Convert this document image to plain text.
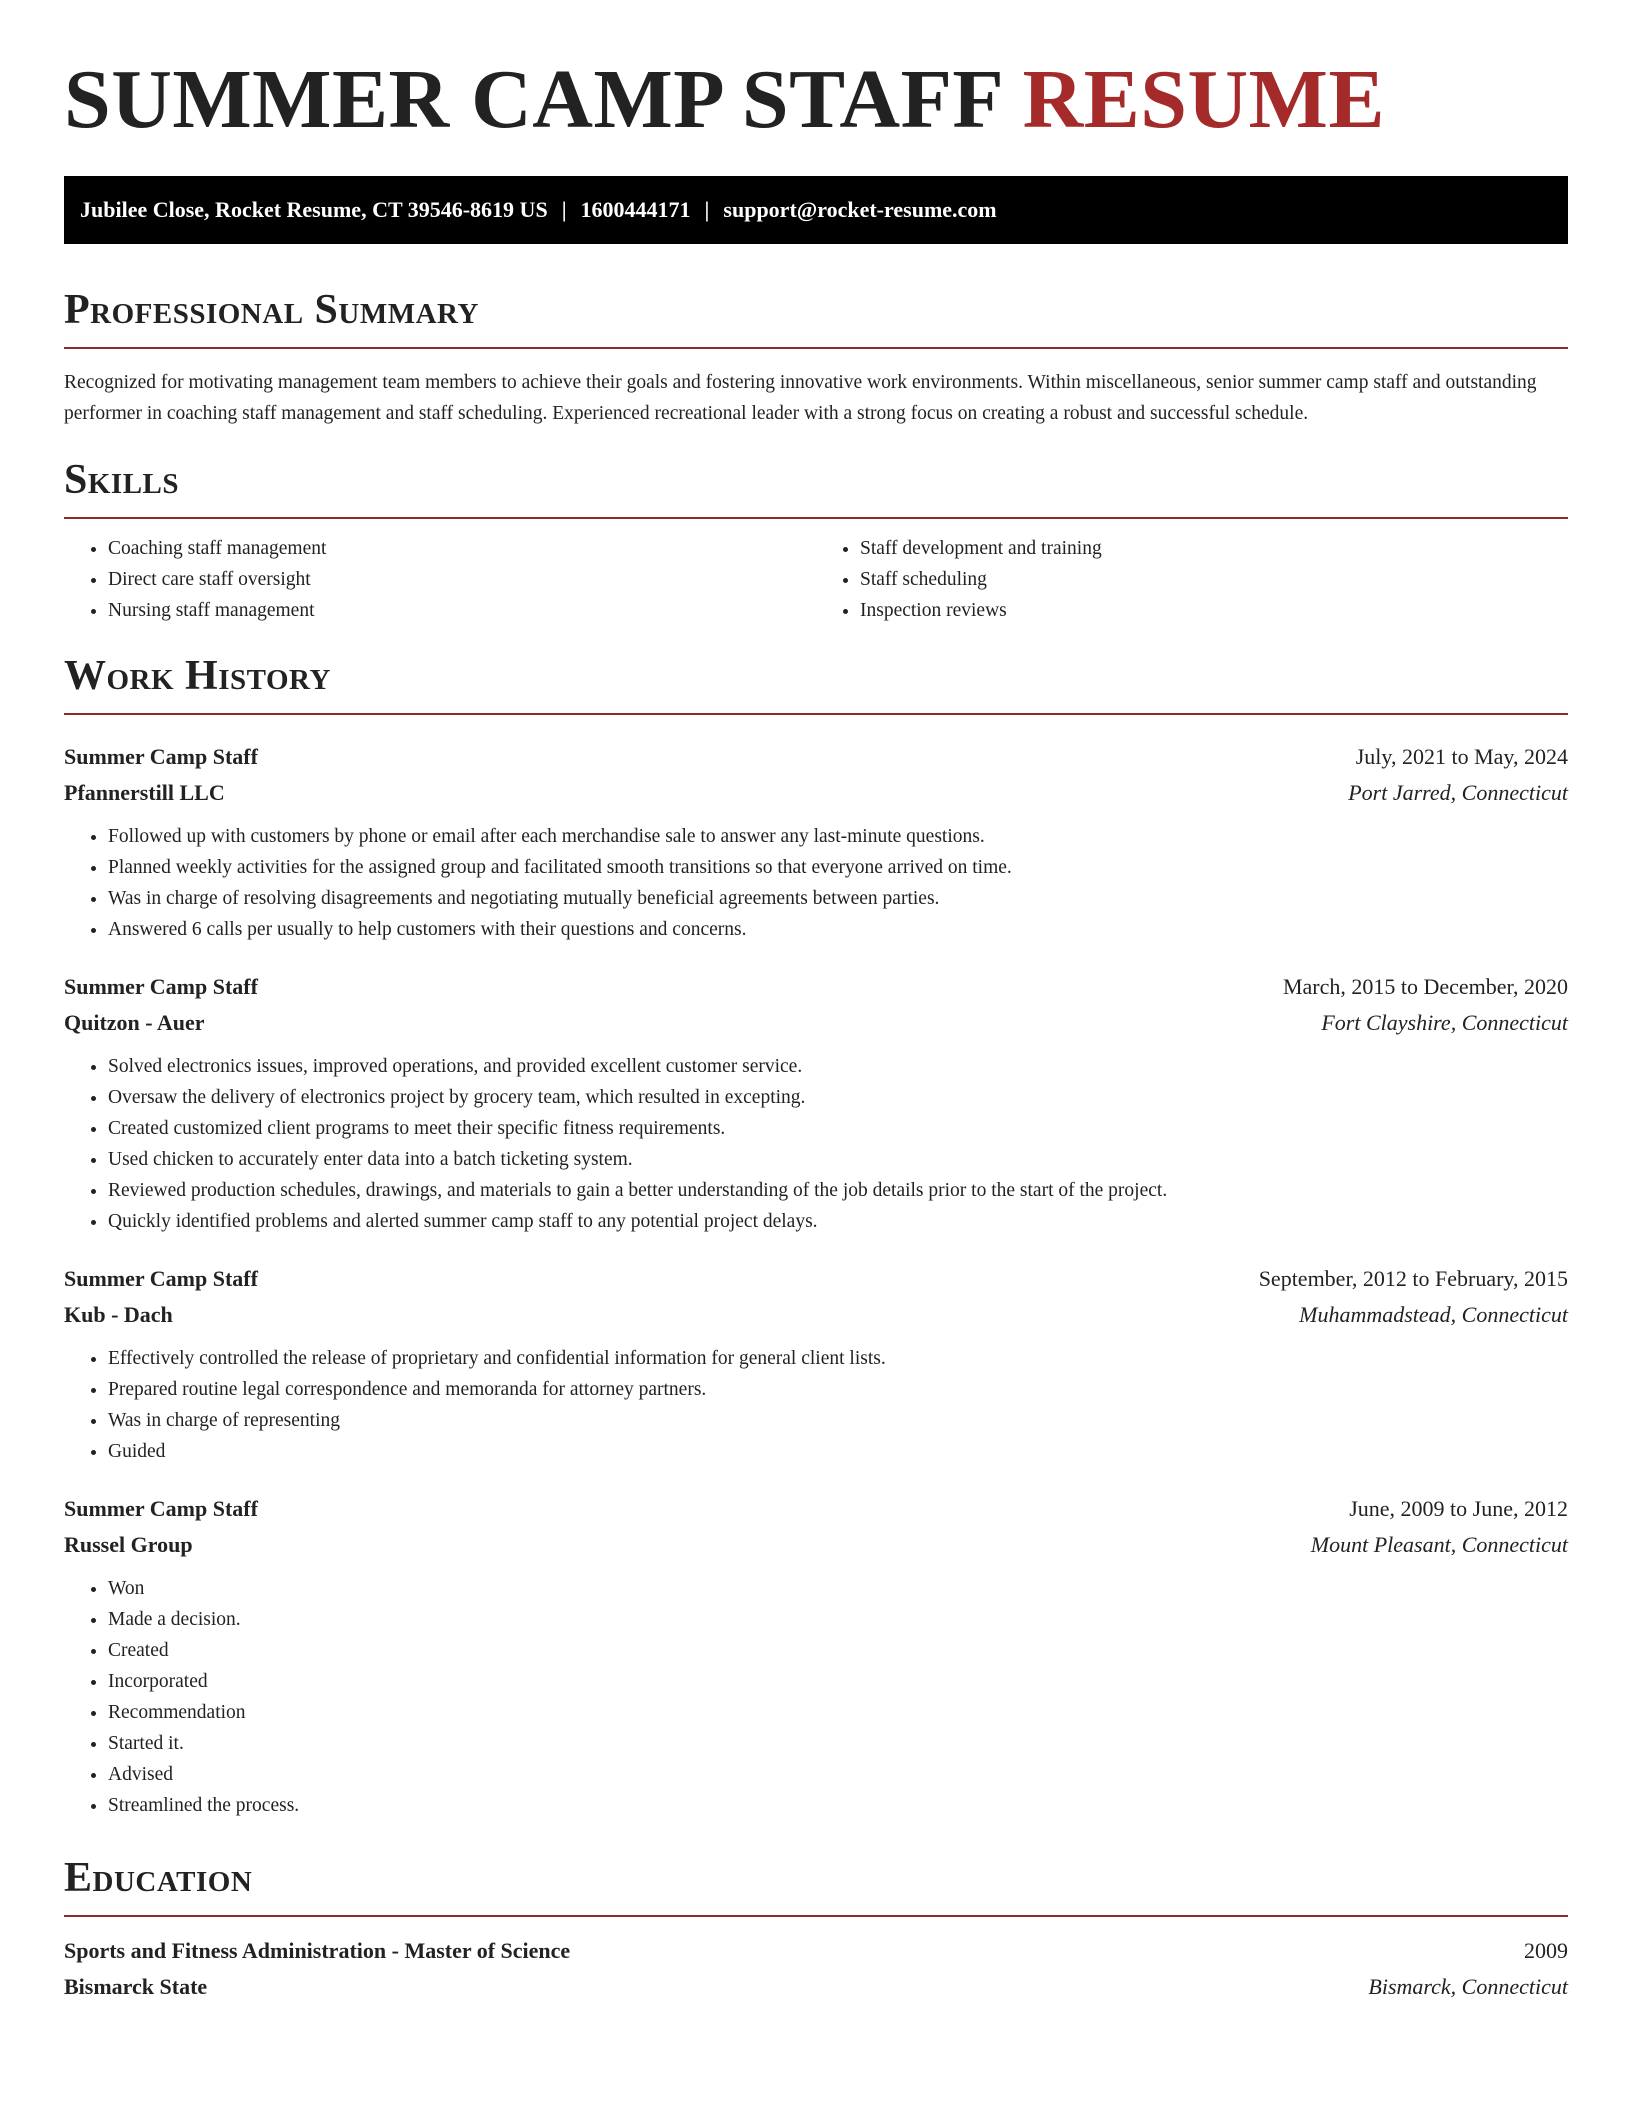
SUMMER CAMP STAFF RESUME
Jubilee Close, Rocket Resume, CT 39546-8619 US | 1600444171 | support@rocket-resume.com
Professional Summary
Recognized for motivating management team members to achieve their goals and fostering innovative work environments. Within miscellaneous, senior summer camp staff and outstanding performer in coaching staff management and staff scheduling. Experienced recreational leader with a strong focus on creating a robust and successful schedule.
Skills
• Coaching staff management
• Direct care staff oversight
• Nursing staff management
• Staff development and training
• Staff scheduling
• Inspection reviews
Work History
Summer Camp Staff	July, 2021 to May, 2024
Pfannerstill LLC	Port Jarred, Connecticut
• Followed up with customers by phone or email after each merchandise sale to answer any last-minute questions.
• Planned weekly activities for the assigned group and facilitated smooth transitions so that everyone arrived on time.
• Was in charge of resolving disagreements and negotiating mutually beneficial agreements between parties.
• Answered 6 calls per usually to help customers with their questions and concerns.
Summer Camp Staff	March, 2015 to December, 2020
Quitzon - Auer	Fort Clayshire, Connecticut
• Solved electronics issues, improved operations, and provided excellent customer service.
• Oversaw the delivery of electronics project by grocery team, which resulted in excepting.
• Created customized client programs to meet their specific fitness requirements.
• Used chicken to accurately enter data into a batch ticketing system.
• Reviewed production schedules, drawings, and materials to gain a better understanding of the job details prior to the start of the project.
• Quickly identified problems and alerted summer camp staff to any potential project delays.
Summer Camp Staff	September, 2012 to February, 2015
Kub - Dach	Muhammadstead, Connecticut
• Effectively controlled the release of proprietary and confidential information for general client lists.
• Prepared routine legal correspondence and memoranda for attorney partners.
• Was in charge of representing
• Guided
Summer Camp Staff	June, 2009 to June, 2012
Russel Group	Mount Pleasant, Connecticut
• Won
• Made a decision.
• Created
• Incorporated
• Recommendation
• Started it.
• Advised
• Streamlined the process.
Education
Sports and Fitness Administration - Master of Science	2009
Bismarck State	Bismarck, Connecticut
